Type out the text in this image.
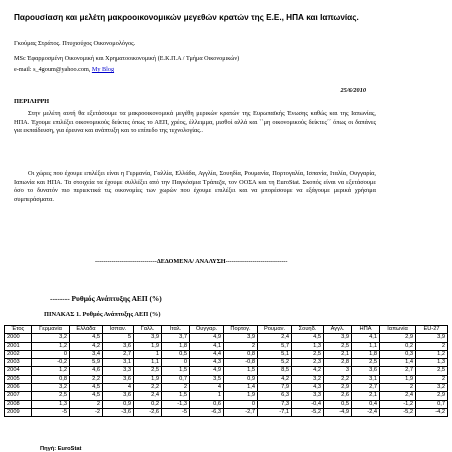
Παρουσίαση και μελέτη μακροοικονομικών μεγεθών κρατών της Ε.Ε., ΗΠΑ και Ιαπωνίας.
Γκούμας Στράτος. Πτυχιούχος Οικονομολόγος.
MSc Έφαρμοσμένη Οικονομική και Χρηματοοικονομική (Ε.Κ.Π.Α / Τμήμα Οικονομικών)
e-mail: s_4goum@yahoo.com, My Blog
25/6/2010
ΠΕΡΙΛΗΨΗ

Στην μελέτη αυτή θα εξετάσουμε τα μακροοικονομικά μεγέθη μερικών κρατών της Ευρωπαϊκής Ένωσης καθώς και της Ιαπωνίας, ΗΠΑ. Έχουμε επιλέξει οικονομικούς δείκτες όπως το ΑΕΠ, χρέος, έλλειμμα, μισθοί αλλά και ``μη οικονομικούς δείκτες΄΄ όπως οι δαπάνες για εκπαίδευση, για έρευνα και ανάπτυξη και το επίπεδο της τεχνολογίας..

Οι χώρες που έχουμε επιλέξει είναι η Γερμανία, Γαλλία, Ελλάδα, Αγγλία, Σουηδία, Ρουμανία, Πορτογαλία, Ισπανία, Ιταλία, Ουγγαρία, Ιαπωνία και ΗΠΑ. Τα στοιχεία τα έχουμε συλλέξει από την Παγκόσμια Τράπεζα, τον ΟΟΣΑ και τη EuroStat. Σκοπός είναι να εξετάσουμε όσο το δυνατόν πιο περιεκτικά τις οικονομίες των χωρών που έχουμε επιλέξει και να μπορέσουμε να εξάγουμε μερικά χρήσιμα συμπεράσματα.

------------------------------ΔΕΔΟΜΕΝΑ/ ΑΝΑΛΥΣΗ------------------------------
-------- Ρυθμός Ανάπτυξης ΑΕΠ (%)
ΠΙΝΑΚΑΣ 1. Ρυθμός Ανάπτυξης ΑΕΠ (%)
Έτος	Γερμανία	Ελλάδα	Ισπαν.	Γαλλ.	Ιταλ.	Ουγγαρ.	Πορτογ.	Ρουμαν.	Σουηδ.	Αγγλ.	ΗΠΑ	Ιαπωνία	EU-27
2000	3,2	4,5	5	3,9	3,7	4,9	3,9	2,4	4,5	3,9	4,1	2,9	3,9
2001	1,2	4,2	3,6	1,9	1,8	4,1	2	5,7	1,3	2,5	1,1	0,2	2
2002	0	3,4	2,7	1	0,5	4,4	0,8	5,1	2,5	2,1	1,8	0,3	1,2
2003	-0,2	5,9	3,1	1,1	0	4,3	-0,8	5,2	2,3	2,8	2,5	1,4	1,3
2004	1,2	4,6	3,3	2,5	1,5	4,9	1,5	8,5	4,2	3	3,6	2,7	2,5
2005	0,8	2,2	3,6	1,9	0,7	3,5	0,9	4,2	3,2	2,2	3,1	1,9	2
2006	3,2	4,5	4	2,2	2	4	1,4	7,9	4,3	2,9	2,7	2	3,2
2007	2,5	4,5	3,6	2,4	1,5	1	1,9	6,3	3,3	2,6	2,1	2,4	2,9
2008	1,3	2	0,9	0,2	-1,3	0,6	0	7,3	-0,4	0,5	0,4	-1,2	0,7
2009	-5	-2	-3,6	-2,6	-5	-6,3	-2,7	-7,1	-5,2	-4,9	-2,4	-5,2	-4,2
Πηγή: EuroStat
